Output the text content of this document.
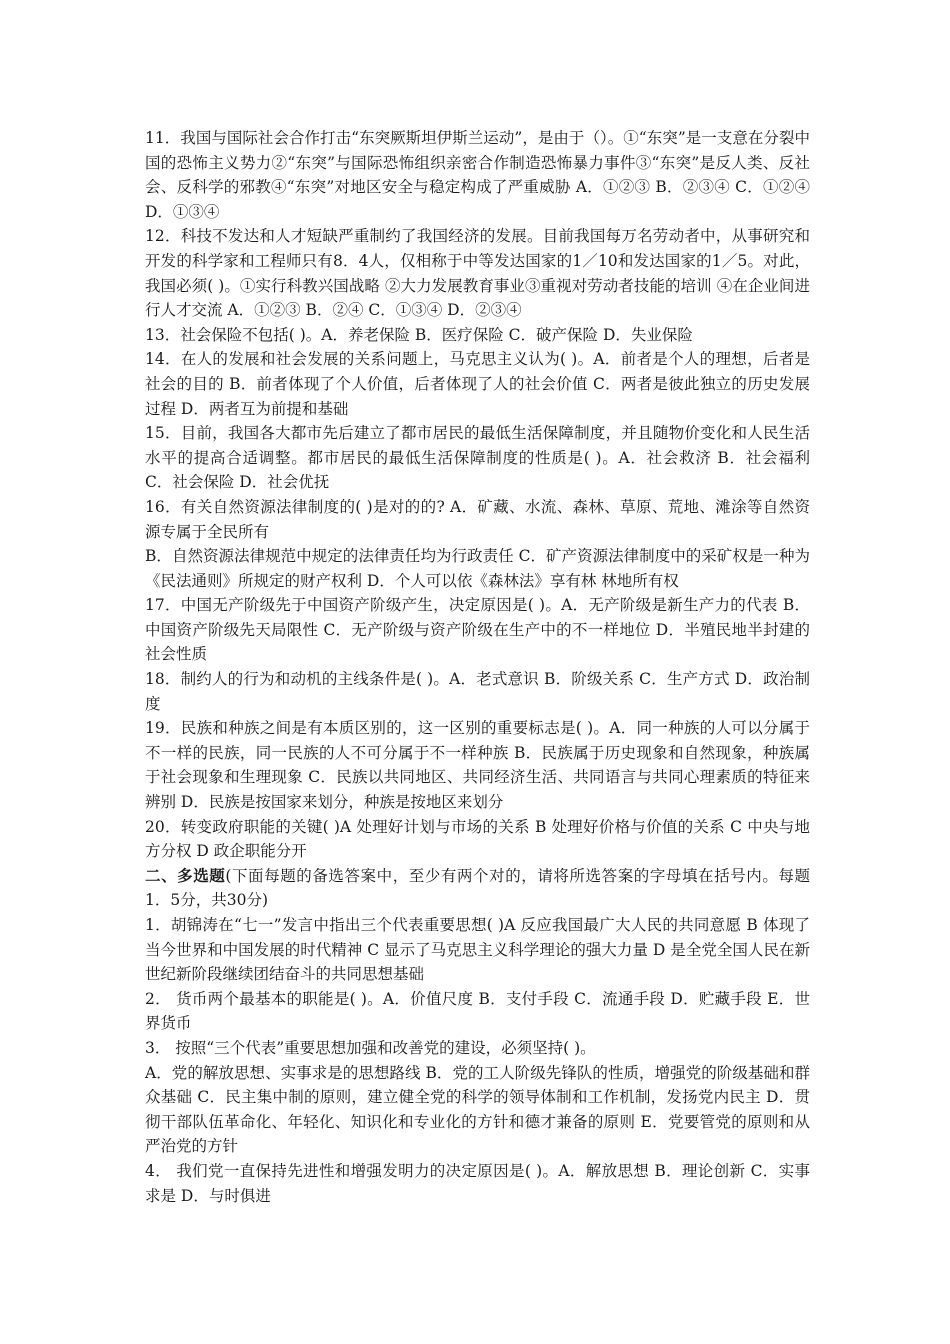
11．我国与国际社会合作打击“东突厥斯坦伊斯兰运动”，是由于（）。①“东突”是一支意在分裂中国的恐怖主义势力②“东突”与国际恐怖组织亲密合作制造恐怖暴力事件③“东突”是反人类、反社会、反科学的邪教④“东突”对地区安全与稳定构成了严重威胁 A．①②③ B．②③④ C．①②④ D．①③④

12．科技不发达和人才短缺严重制约了我国经济的发展。目前我国每万名劳动者中，从事研究和开发的科学家和工程师只有8．4人，仅相称于中等发达国家的1／10和发达国家的1／5。对此，我国必须( )。①实行科教兴国战略 ②大力发展教育事业③重视对劳动者技能的培训 ④在企业间进行人才交流 A．①②③ B．②④ C．①③④ D．②③④

13．社会保险不包括( )。A．养老保险 B．医疗保险 C．破产保险 D．失业保险

14．在人的发展和社会发展的关系问题上，马克思主义认为( )。A．前者是个人的理想，后者是社会的目的 B．前者体现了个人价值，后者体现了人的社会价值 C．两者是彼此独立的历史发展过程 D．两者互为前提和基础

15．目前，我国各大都市先后建立了都市居民的最低生活保障制度，并且随物价变化和人民生活水平的提高合适调整。都市居民的最低生活保障制度的性质是( )。A．社会救济 B．社会福利 C．社会保险 D．社会优抚

16．有关自然资源法律制度的( )是对的的? A．矿藏、水流、森林、草原、荒地、滩涂等自然资源专属于全民所有

B．自然资源法律规范中规定的法律责任均为行政责任 C．矿产资源法律制度中的采矿权是一种为《民法通则》所规定的财产权利 D．个人可以依《森林法》享有林 林地所有权

17．中国无产阶级先于中国资产阶级产生，决定原因是( )。A．无产阶级是新生产力的代表 B．中国资产阶级先天局限性 C．无产阶级与资产阶级在生产中的不一样地位 D．半殖民地半封建的社会性质

18．制约人的行为和动机的主线条件是( )。A．老式意识 B．阶级关系 C．生产方式 D．政治制度

19．民族和种族之间是有本质区别的，这一区别的重要标志是( )。A．同一种族的人可以分属于不一样的民族，同一民族的人不可分属于不一样种族 B．民族属于历史现象和自然现象，种族属于社会现象和生理现象 C．民族以共同地区、共同经济生活、共同语言与共同心理素质的特征来辨别 D．民族是按国家来划分，种族是按地区来划分

20．转变政府职能的关键( )A 处理好计划与市场的关系 B 处理好价格与价值的关系 C 中央与地方分权 D 政企职能分开

二、多选题(下面每题的备选答案中，至少有两个对的，请将所选答案的字母填在括号内。每题1．5分，共30分)

1．胡锦涛在“七一”发言中指出三个代表重要思想( )A 反应我国最广大人民的共同意愿 B 体现了当今世界和中国发展的时代精神 C 显示了马克思主义科学理论的强大力量 D 是全党全国人民在新世纪新阶段继续团结奋斗的共同思想基础

2． 货币两个最基本的职能是( )。A．价值尺度 B．支付手段 C．流通手段 D．贮藏手段 E．世界货币

3． 按照“三个代表”重要思想加强和改善党的建设，必须坚持( )。

A．党的解放思想、实事求是的思想路线 B．党的工人阶级先锋队的性质，增强党的阶级基础和群众基础 C．民主集中制的原则，建立健全党的科学的领导体制和工作机制，发扬党内民主 D．贯彻干部队伍革命化、年轻化、知识化和专业化的方针和德才兼备的原则 E．党要管党的原则和从严治党的方针

4． 我们党一直保持先进性和增强发明力的决定原因是( )。A．解放思想 B．理论创新 C．实事求是 D．与时俱进
